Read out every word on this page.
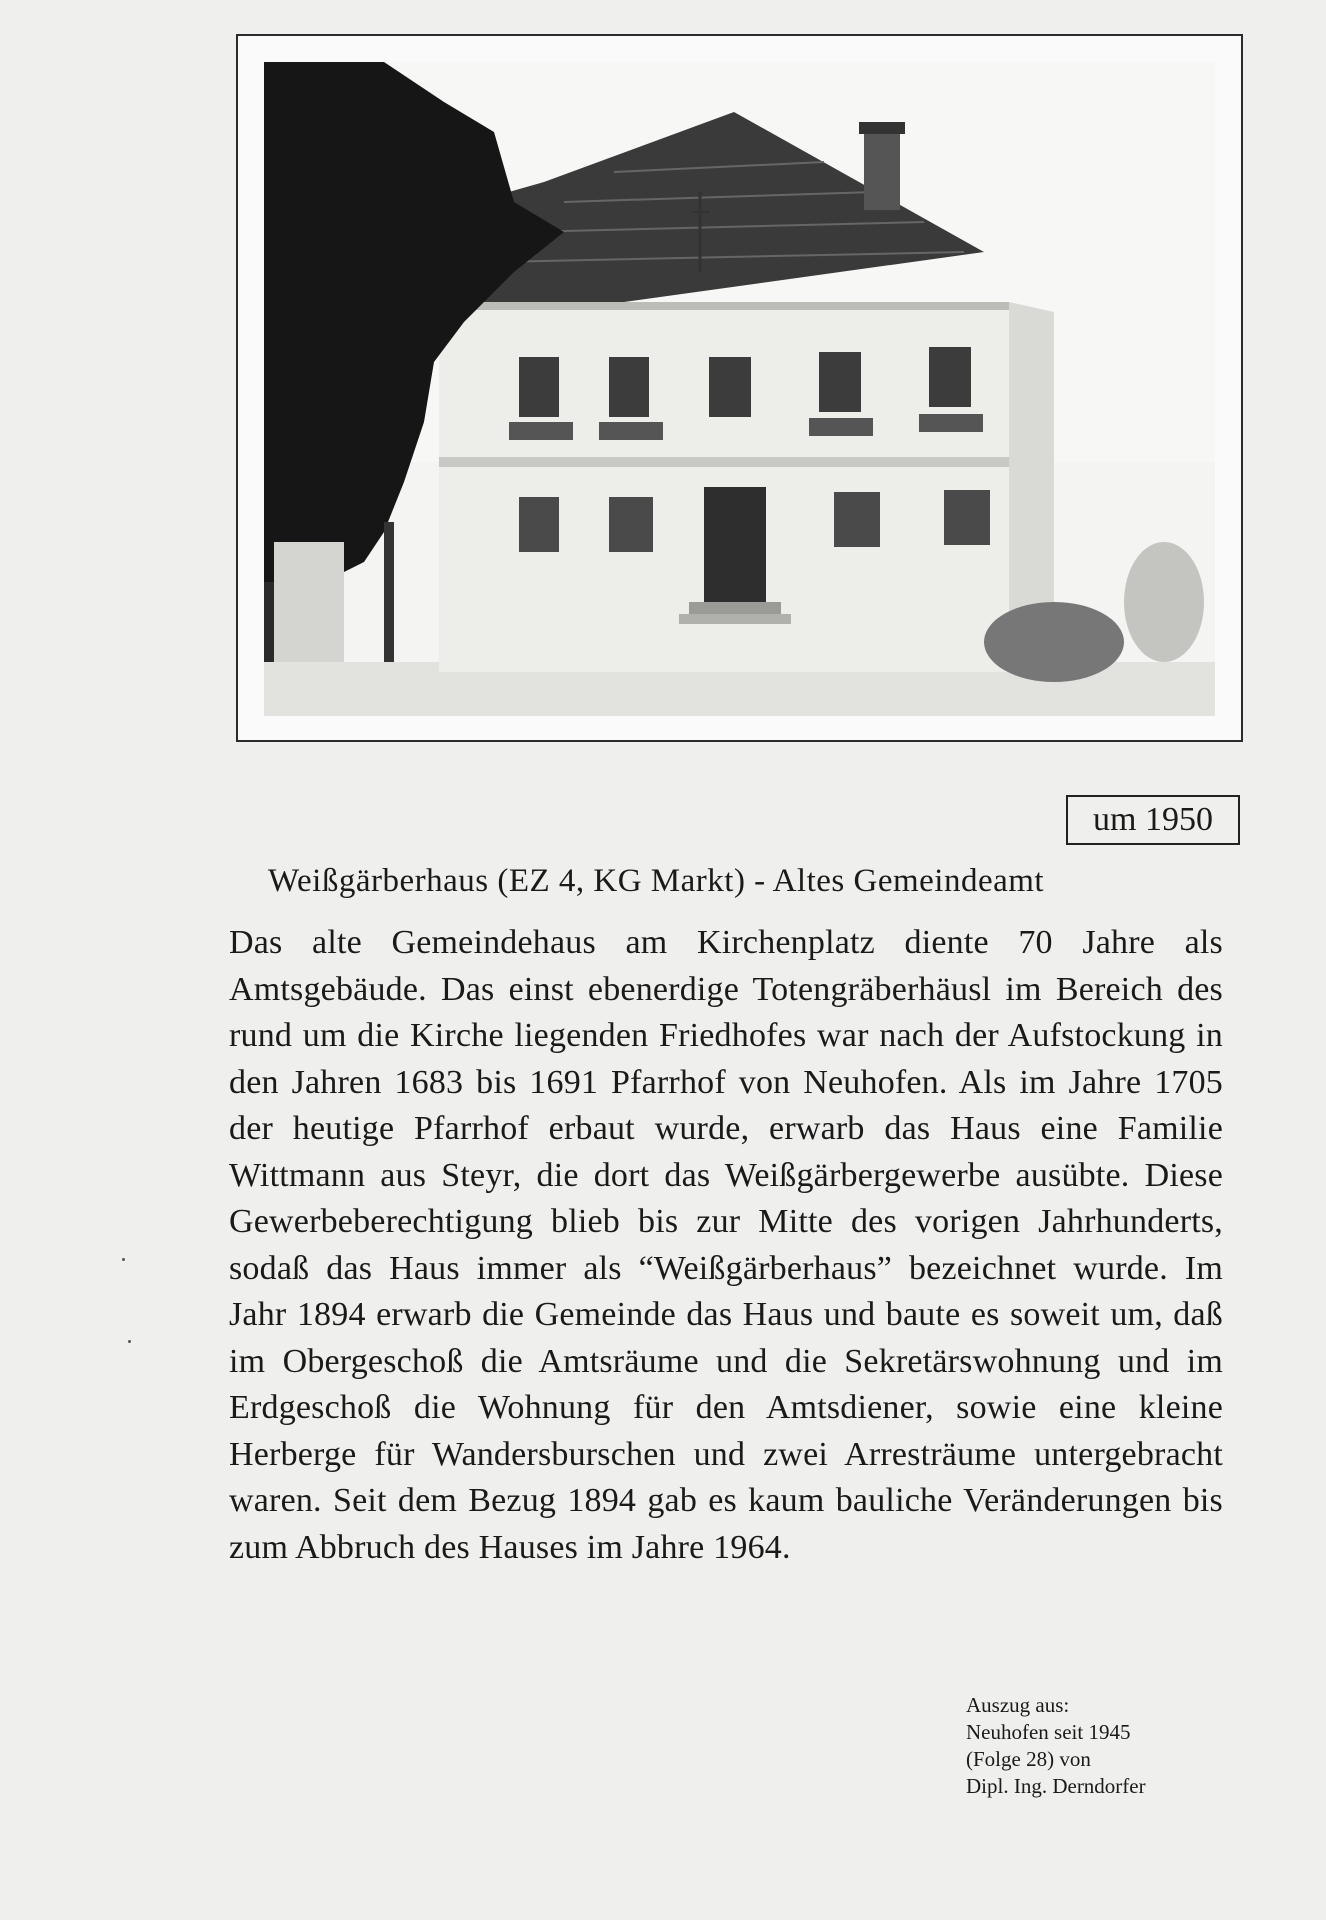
um 1950
Weißgärberhaus (EZ 4, KG Markt) - Altes Gemeindeamt
Das alte Gemeindehaus am Kirchenplatz diente 70 Jahre als Amtsgebäude. Das einst ebenerdige Totengräberhäusl im Bereich des rund um die Kirche liegenden Friedhofes war nach der Aufstockung in den Jahren 1683 bis 1691 Pfarrhof von Neuhofen. Als im Jahre 1705 der heutige Pfarrhof erbaut wurde, erwarb das Haus eine Familie Wittmann aus Steyr, die dort das Weißgärbergewerbe ausübte. Diese Gewerbeberechtigung blieb bis zur Mitte des vorigen Jahrhunderts, sodaß das Haus immer als “Weißgärberhaus” bezeichnet wurde. Im Jahr 1894 erwarb die Gemeinde das Haus und baute es soweit um, daß im Obergeschoß die Amtsräume und die Sekretärswohnung und im Erdgeschoß die Wohnung für den Amtsdiener, sowie eine kleine Herberge für Wandersburschen und zwei Arresträume untergebracht waren. Seit dem Bezug 1894 gab es kaum bauliche Veränderungen bis zum Abbruch des Hauses im Jahre 1964.
Auszug aus:
Neuhofen seit 1945
(Folge 28) von
Dipl. Ing. Derndorfer
